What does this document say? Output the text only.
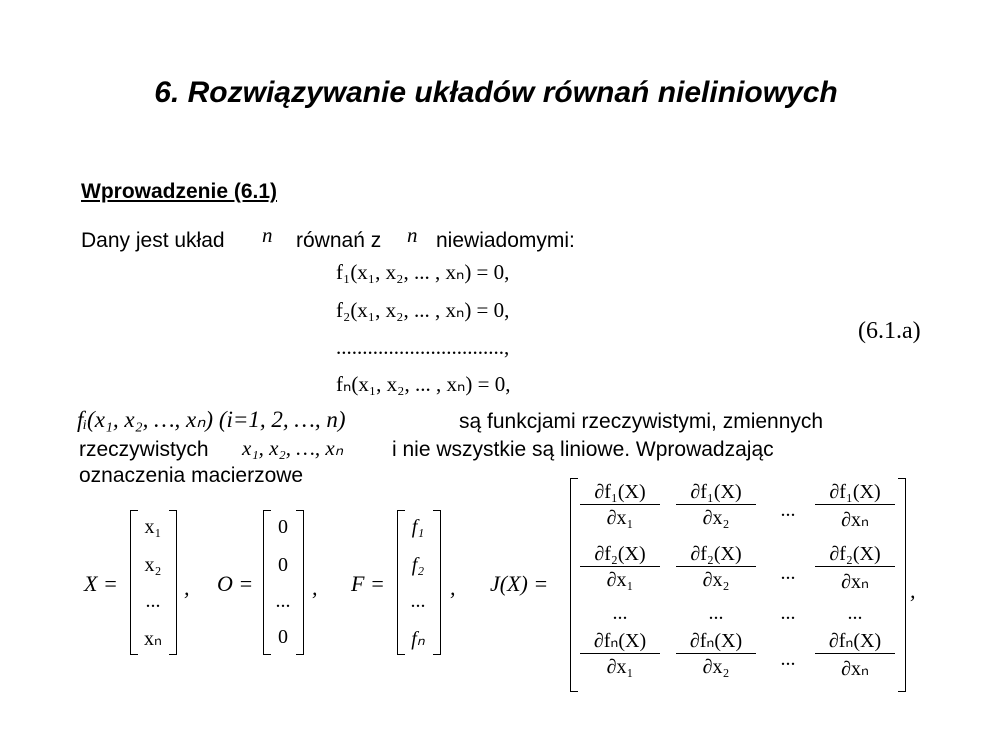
6. Rozwiązywanie układów równań nieliniowych
Wprowadzenie (6.1)
Dany jest układ n równań z n niewiadomymi:
f₁(x₁, x₂, ... , xₙ) = 0,
f₂(x₁, x₂, ... , xₙ) = 0,
................................,
fₙ(x₁, x₂, ... , xₙ) = 0,
(6.1.a)
fᵢ(x₁, x₂, …, xₙ) (i=1, 2, …, n)	są funkcjami rzeczywistymi, zmiennych
rzeczywistych x₁, x₂, …, xₙ i nie wszystkie są liniowe. Wprowadzając
oznaczenia macierzowe
X =
x₁
x₂
...
xₙ
, O =
0
0
...
0
, F =
f₁
f₂
...
fₙ
, J(X) =	,
$\frac{\text{∂f₁(X)}}{\text{∂x₁}} \frac{\text{∂f₁(X)}}{\text{∂x₂}}$	... $\frac{\text{∂f₁(X)}}{\text{∂xₙ}}$
$\frac{\text{∂f₂(X)}}{\text{∂x₁}} \frac{\text{∂f₂(X)}}{\text{∂x₂}}$	... $\frac{\text{∂f₂(X)}}{\text{∂xₙ}}$
...	...	...	...
$\frac{\text{∂fₙ(X)}}{\text{∂x₁}} \frac{\text{∂fₙ(X)}}{\text{∂x₂}}$	... $\frac{\text{∂fₙ(X)}}{\text{∂xₙ}}$
